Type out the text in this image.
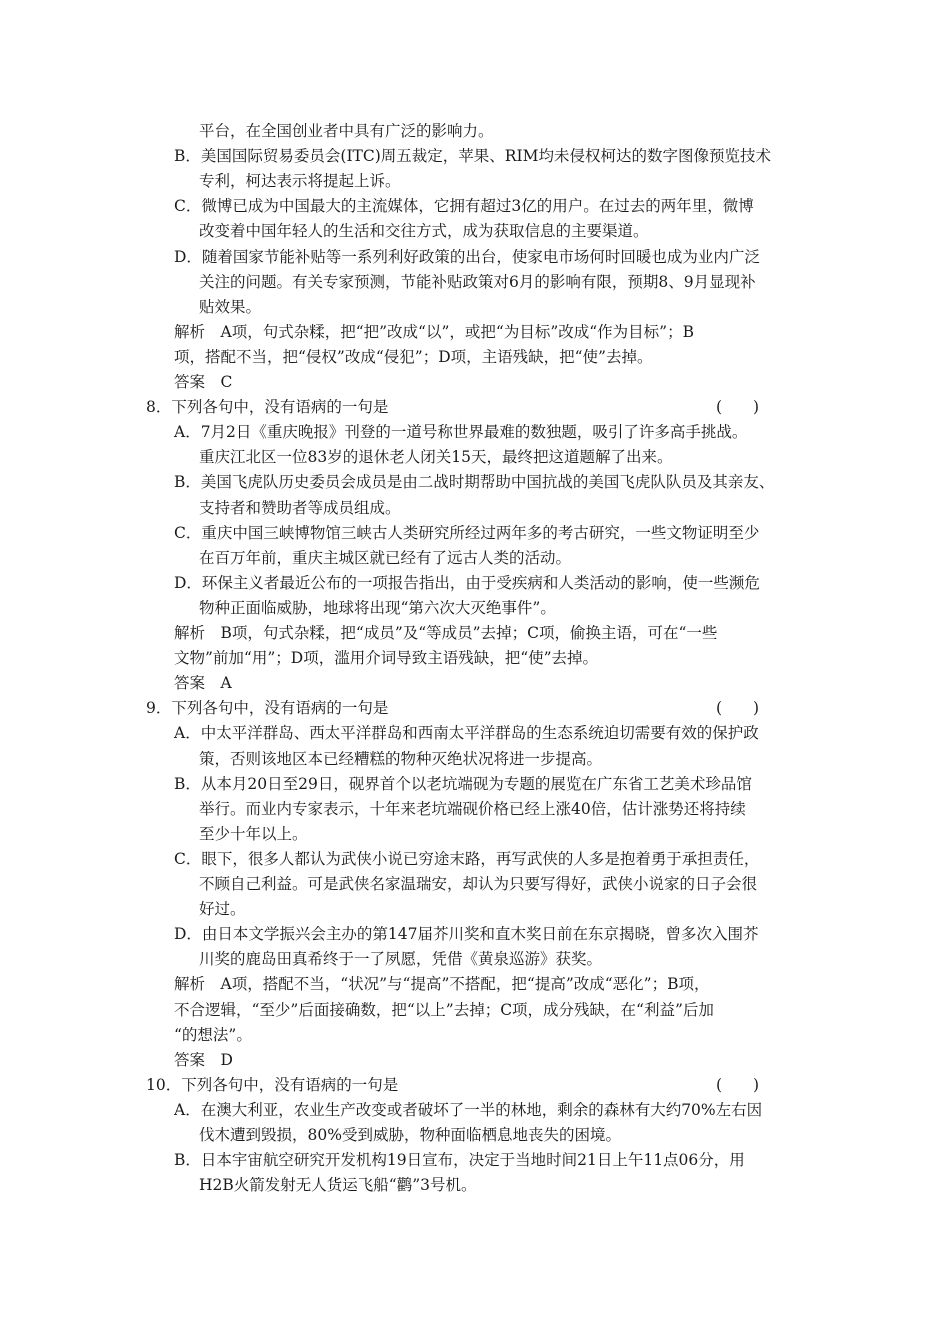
平台，在全国创业者中具有广泛的影响力。
B．美国国际贸易委员会(ITC)周五裁定，苹果、RIM均未侵权柯达的数字图像预览技术
专利，柯达表示将提起上诉。
C．微博已成为中国最大的主流媒体，它拥有超过3亿的用户。在过去的两年里，微博
改变着中国年轻人的生活和交往方式，成为获取信息的主要渠道。
D．随着国家节能补贴等一系列利好政策的出台，使家电市场何时回暖也成为业内广泛
关注的问题。有关专家预测，节能补贴政策对6月的影响有限，预期8、9月显现补
贴效果。
解析　A项，句式杂糅，把“把”改成“以”，或把“为目标”改成“作为目标”；B
项，搭配不当，把“侵权”改成“侵犯”；D项，主语残缺，把“使”去掉。
答案　C
8．下列各句中，没有语病的一句是	(　　)
A．7月2日《重庆晚报》刊登的一道号称世界最难的数独题，吸引了许多高手挑战。
重庆江北区一位83岁的退休老人闭关15天，最终把这道题解了出来。
B．美国飞虎队历史委员会成员是由二战时期帮助中国抗战的美国飞虎队队员及其亲友、
支持者和赞助者等成员组成。
C．重庆中国三峡博物馆三峡古人类研究所经过两年多的考古研究，一些文物证明至少
在百万年前，重庆主城区就已经有了远古人类的活动。
D．环保主义者最近公布的一项报告指出，由于受疾病和人类活动的影响，使一些濒危
物种正面临威胁，地球将出现“第六次大灭绝事件”。
解析　B项，句式杂糅，把“成员”及“等成员”去掉；C项，偷换主语，可在“一些
文物”前加“用”；D项，滥用介词导致主语残缺，把“使”去掉。
答案　A
9．下列各句中，没有语病的一句是	(　　)
A．中太平洋群岛、西太平洋群岛和西南太平洋群岛的生态系统迫切需要有效的保护政
策，否则该地区本已经糟糕的物种灭绝状况将进一步提高。
B．从本月20日至29日，砚界首个以老坑端砚为专题的展览在广东省工艺美术珍品馆
举行。而业内专家表示，十年来老坑端砚价格已经上涨40倍，估计涨势还将持续
至少十年以上。
C．眼下，很多人都认为武侠小说已穷途末路，再写武侠的人多是抱着勇于承担责任，
不顾自己利益。可是武侠名家温瑞安，却认为只要写得好，武侠小说家的日子会很
好过。
D．由日本文学振兴会主办的第147届芥川奖和直木奖日前在东京揭晓，曾多次入围芥
川奖的鹿岛田真希终于一了夙愿，凭借《黄泉巡游》获奖。
解析　A项，搭配不当，“状况”与“提高”不搭配，把“提高”改成“恶化”；B项，
不合逻辑，“至少”后面接确数，把“以上”去掉；C项，成分残缺，在“利益”后加
“的想法”。
答案　D
10．下列各句中，没有语病的一句是	(　　)
A．在澳大利亚，农业生产改变或者破坏了一半的林地，剩余的森林有大约70%左右因
伐木遭到毁损，80%受到威胁，物种面临栖息地丧失的困境。
B．日本宇宙航空研究开发机构19日宣布，决定于当地时间21日上午11点06分，用
H2B火箭发射无人货运飞船“鹳”3号机。
